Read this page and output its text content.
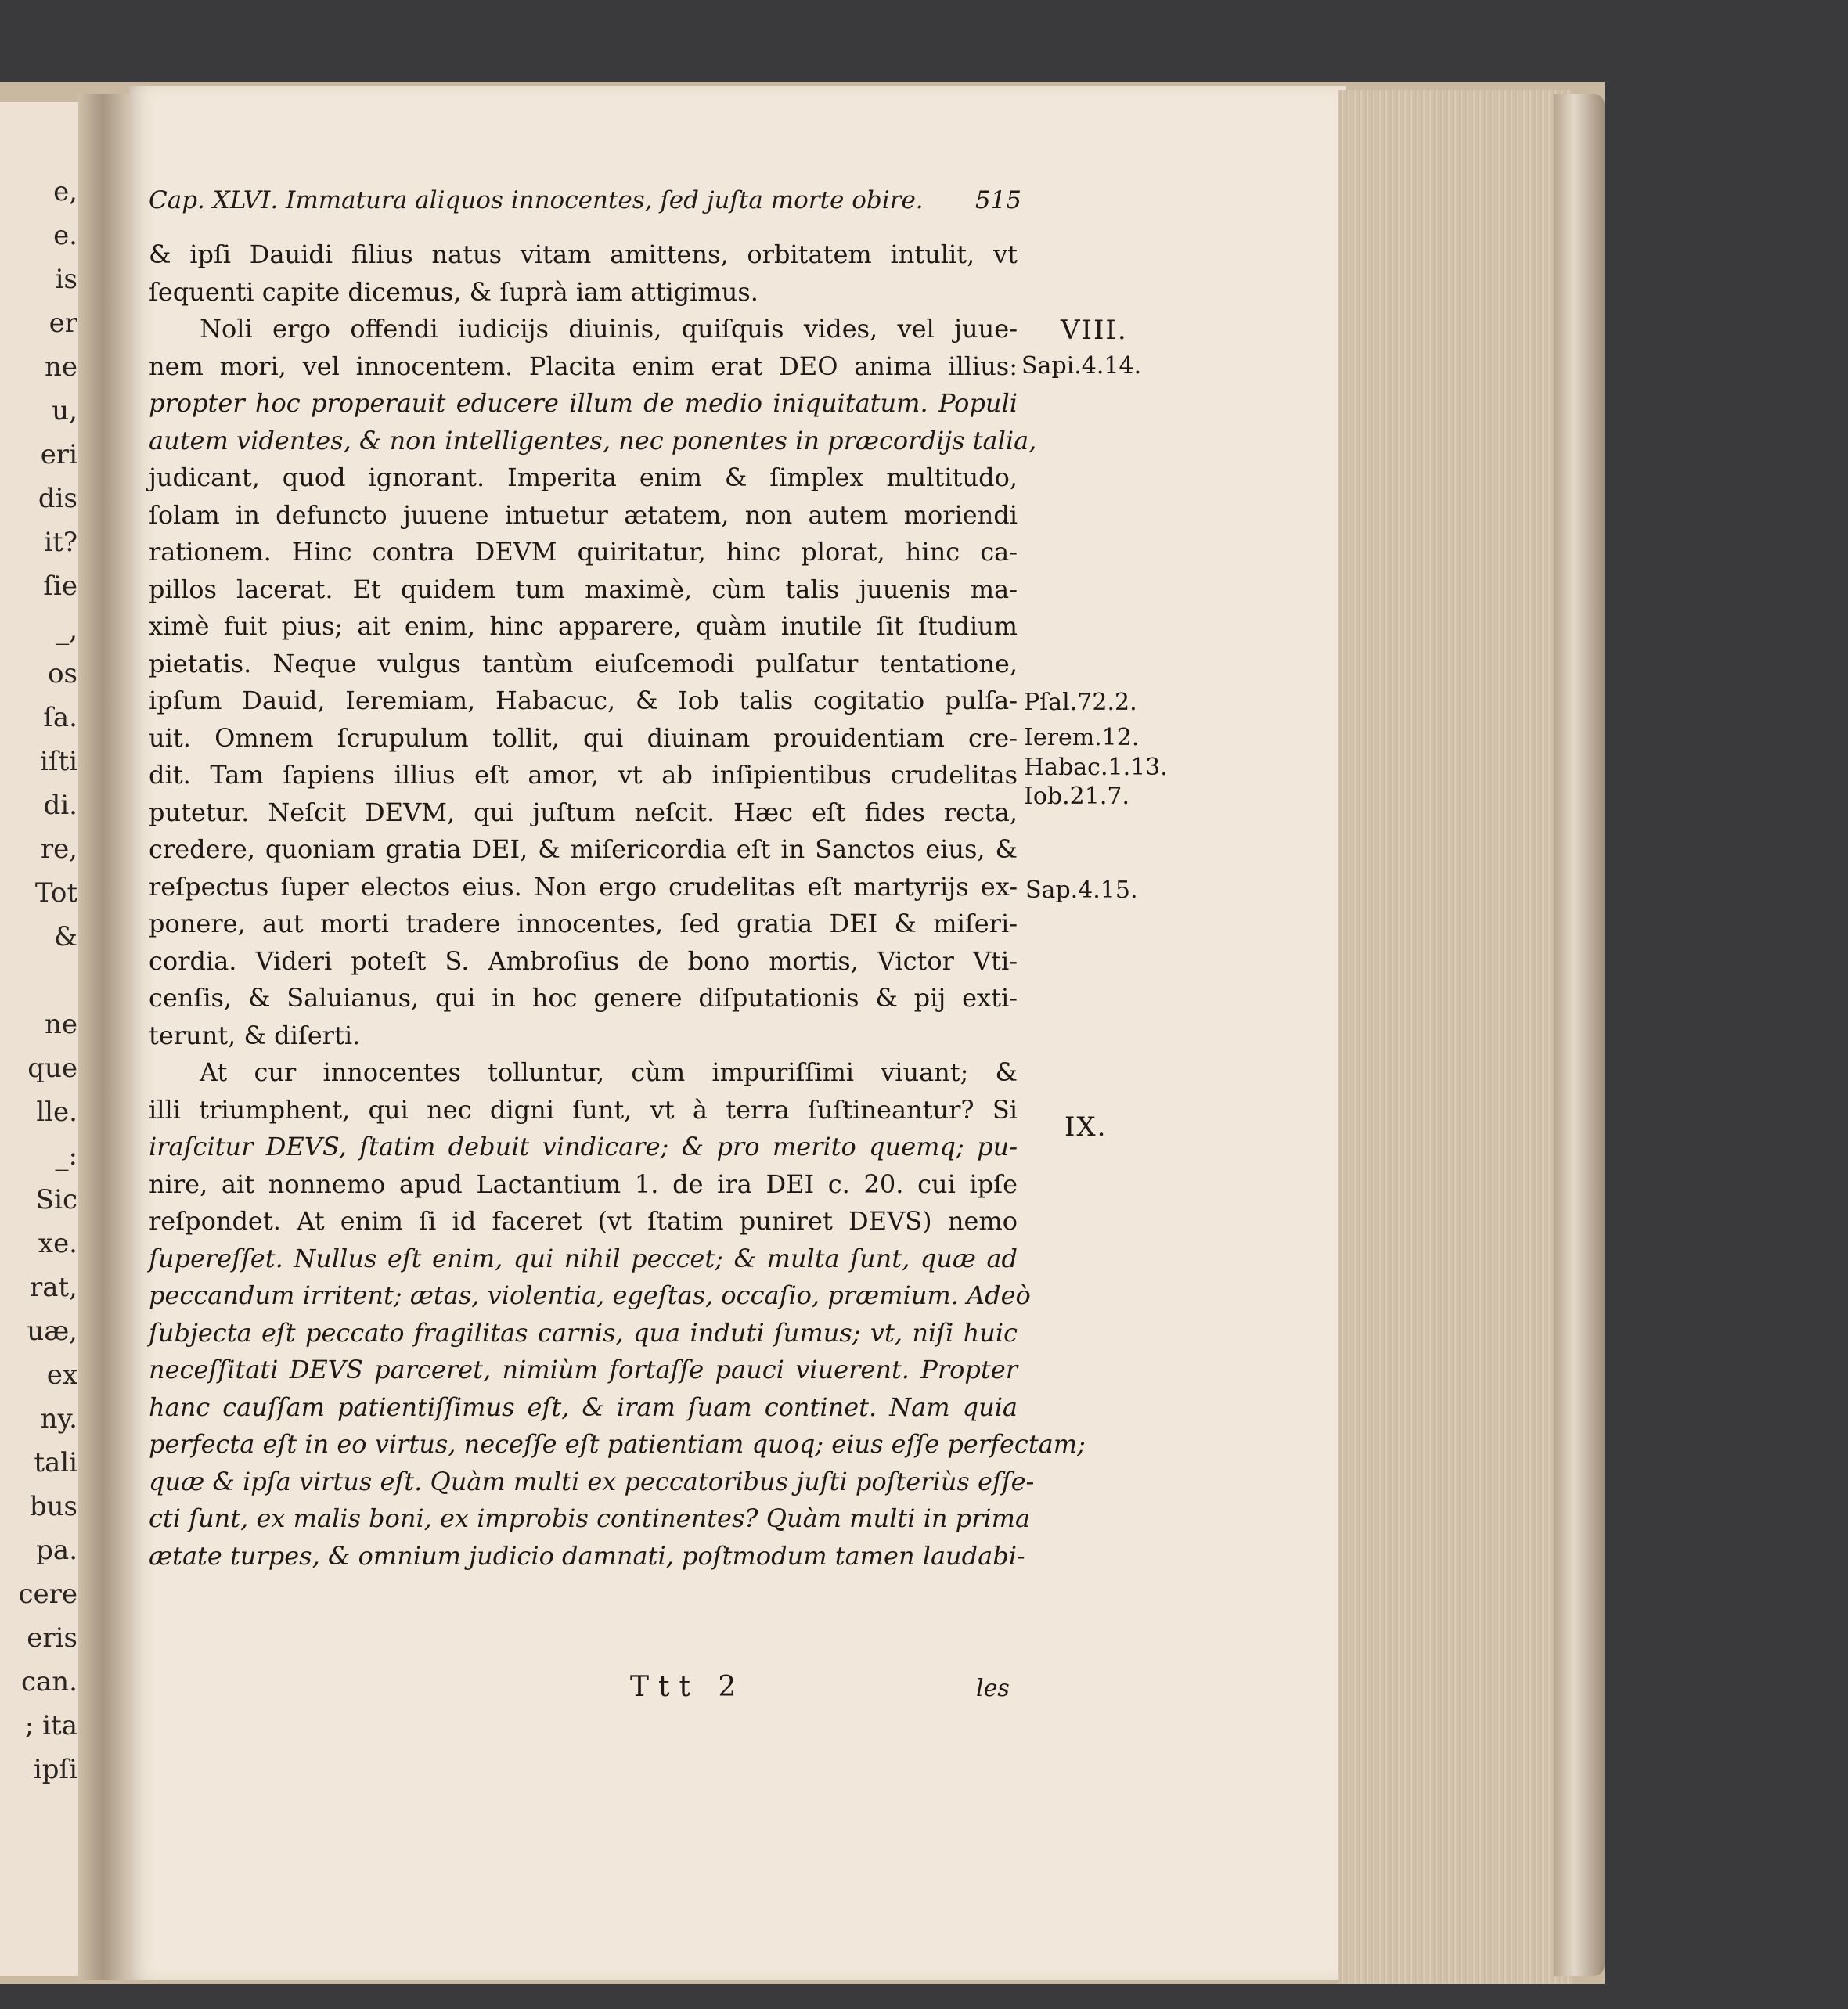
e,
e.
is
er
ne
u,
eri
dis
it?
ſie
_,
os
ſa.
iſti
di.
re,
Tot
&
ne
que
lle.
_:
Sic
xe.
rat,
uæ,
ex
ny.
tali
bus
pa.
cere
eris
can.
; ita
ipſi
Cap. XLVI. Immatura aliquos innocentes, ſed juſta morte obire. 515
& ipſi Dauidi filius natus vitam amittens, orbitatem intulit, vt
ſequenti capite dicemus, & ſuprà iam attigimus.
Noli ergo offendi iudicijs diuinis, quiſquis vides, vel juue-
nem mori, vel innocentem. Placita enim erat DEO anima illius:
propter hoc properauit educere illum de medio iniquitatum. Populi
autem videntes, & non intelligentes, nec ponentes in præcordijs talia,
judicant, quod ignorant. Imperita enim & ſimplex multitudo,
ſolam in defuncto juuene intuetur ætatem, non autem moriendi
rationem. Hinc contra DEVM quiritatur, hinc plorat, hinc ca-
pillos lacerat. Et quidem tum maximè, cùm talis juuenis ma-
ximè fuit pius; ait enim, hinc apparere, quàm inutile ſit ſtudium
pietatis. Neque vulgus tantùm eiuſcemodi pulſatur tentatione,
ipſum Dauid, Ieremiam, Habacuc, & Iob talis cogitatio pulſa-
uit. Omnem ſcrupulum tollit, qui diuinam prouidentiam cre-
dit. Tam ſapiens illius eſt amor, vt ab inſipientibus crudelitas
putetur. Neſcit DEVM, qui juſtum neſcit. Hæc eſt fides recta,
credere, quoniam gratia DEI, & miſericordia eſt in Sanctos eius, &
reſpectus ſuper electos eius. Non ergo crudelitas eſt martyrijs ex-
ponere, aut morti tradere innocentes, ſed gratia DEI & miſeri-
cordia. Videri poteſt S. Ambroſius de bono mortis, Victor Vti-
cenſis, & Saluianus, qui in hoc genere diſputationis & pij exti-
terunt, & diſerti.
At cur innocentes tolluntur, cùm impuriſſimi viuant; &
illi triumphent, qui nec digni ſunt, vt à terra ſuſtineantur? Si
iraſcitur DEVS, ſtatim debuit vindicare; & pro merito quemq; pu-
nire, ait nonnemo apud Lactantium 1. de ira DEI c. 20. cui ipſe
reſpondet. At enim ſi id faceret (vt ſtatim puniret DEVS) nemo
ſupereſſet. Nullus eſt enim, qui nihil peccet; & multa ſunt, quæ ad
peccandum irritent; ætas, violentia, egeſtas, occaſio, præmium. Adeò
ſubjecta eſt peccato fragilitas carnis, qua induti ſumus; vt, niſi huic
neceſſitati DEVS parceret, nimiùm fortaſſe pauci viuerent. Propter
hanc cauſſam patientiſſimus eſt, & iram ſuam continet. Nam quia
perfecta eſt in eo virtus, neceſſe eſt patientiam quoq; eius eſſe perfectam;
quæ & ipſa virtus eſt. Quàm multi ex peccatoribus juſti poſteriùs eſſe-
cti ſunt, ex malis boni, ex improbis continentes? Quàm multi in prima
ætate turpes, & omnium judicio damnati, poſtmodum tamen laudabi-
VIII.
Sapi.4.14.
Pſal.72.2.
Ierem.12.
Habac.1.13.
Iob.21.7.
Sap.4.15.
IX.
Ttt 2	les
